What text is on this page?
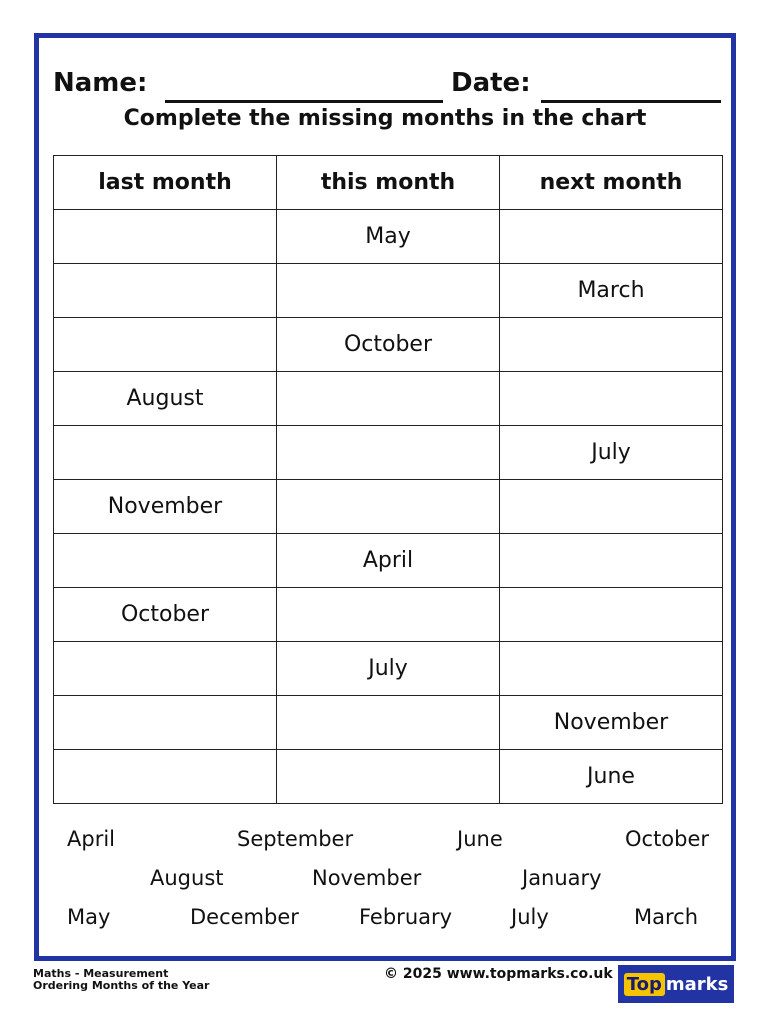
Name:	Date:
Complete the missing months in the chart
last month	this month	next month
	May	
		March
	October	
August		
		July
November		
	April	
October		
	July	
		November
		June
April	September	June	October
August	November	January
May	December	February	July	March
Maths - Measurement
Ordering Months of the Year
© 2025 www.topmarks.co.uk Top marks
